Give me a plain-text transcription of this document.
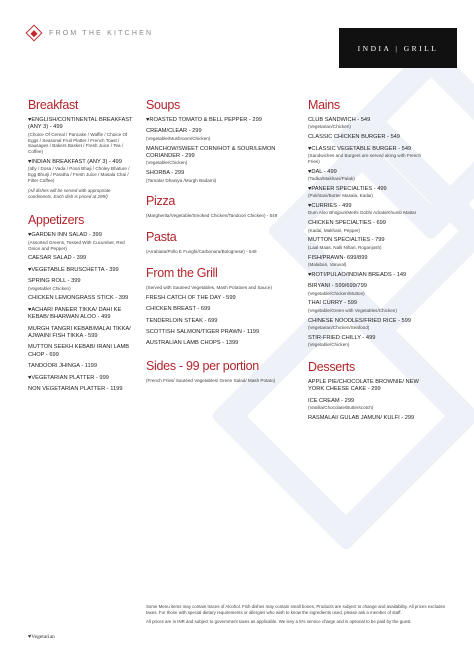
FROM THE KITCHEN
INDIA | GRILL
Breakfast
♥ENGLISH/CONTINENTAL BREAKFAST (ANY 3) - 499
(Choice Of Cereal / Pancake / Waffle / Choice Of Eggs / Seasonal Fruit Platter / French Toast / Sausages / Bakers Basket / Fresh Juice / Tea / Coffee)
♥INDIAN BREAKFAST (ANY 3) - 499
(Idly / Dosa / Vada / Poori Bhaji / Choley Bhature / Egg Bhurji / Paratha / Fresh Juice / Masala Chai / Filter Coffee)
(All dishes will be served with appropriate condiments, Each dish is priced at 299/)
Appetizers
♥GARDEN INN SALAD - 399
(Assorted Greens, Tossed With Cucumber, Red Onion and Pepper)
CAESAR SALAD - 399
♥VEGETABLE BRUSCHETTA - 399
SPRING ROLL - 399
(Vegetable/ Chicken)
CHICKEN LEMONGRASS STICK - 399
♥ACHARI PANEER TIKKA/ DAHI KE KEBAB/ BHARWAN ALOO - 499
MURGH TANGRI KEBAB/MALAI TIKKA/ AJWAINI FISH TIKKA - 599
MUTTON SEEKH KEBAB/ IRANI LAMB CHOP - 699
TANDOORI JHINGA - 1199
♥VEGETARIAN PLATTER - 999
NON VEGETARIAN PLATTER - 1199
Soups
♥ROASTED TOMATO & BELL PEPPER - 299
CREAM/CLEAR - 299
(Vegetable/Mushroom/Chicken)
MANCHOW/SWEET CORN/HOT & SOUR/LEMON CORIANDER - 299
(Vegetable/Chicken)
SHORBA - 299
(Tamatar Dhaniya /Murgh Badami)
Pizza
(Margherita/Vegetable/Smoked Chicken/Tandoori Chicken) - 549
Pasta
(Arrabiata/Pollo E Funghi/Carbonara/Bolognese) - 549
From the Grill
(Served with Sauteed Vegetables, Mash Potatoes and Sauce)
FRESH CATCH OF THE DAY - 599
CHICKEN BREAST - 699
TENDERLOIN STEAK - 699
SCOTTISH SALMON/TIGER PRAWN - 1199
AUSTRALIAN LAMB CHOPS - 1399
Sides - 99 per portion
(French Fries/ Sautéed Vegetables/ Green Salad/ Mash Potato)
Mains
CLUB SANDWICH - 549
(Vegetarian/Chicken)
CLASSIC CHICKEN BURGER - 549
♥CLASSIC VEGETABLE BURGER - 549
(Sandwiches and Burgers are served along with French Fries)
♥DAL - 499
(Tadka/Makhani/Palak)
♥PANEER SPECIALTIES - 499
(Pukhtani/Butter Masala, Kadai)
♥CURRIES - 499
Dum Aloo Bhojpuri/Methi Gobhi Adraki/Khumb Mattar
CHICKEN SPECIALTIES - 699
(Kadai, Makhani, Pepper)
MUTTON SPECIALTIES - 799
(Laal Maas, Nalli Nihari, Roganjosh)
FISH/PRAWN- 699/899
(Malabari, Varuval)
♥ROTI/PULAO/INDIAN BREADS - 149
BIRYANI - 599/699/799
(Vegetable/Chicken/Mutton)
THAI CURRY - 599
(Vegetable/Green with Vegetables/Chicken)
CHINESE NOODLES/FRIED RICE - 599
(Vegetarian/Chicken/Seafood)
STIR-FRIED CHILLY - 499
(Vegetable/Chicken)
Desserts
APPLE PIE/CHOCOLATE BROWNIE/ NEW YORK CHEESE CAKE - 299
ICE CREAM - 299
(Vanilla/Chocolate/Butterscotch)
RASMALAI/ GULAB JAMUN/ KULFI - 299

Some Menu items may contain traces of Alcohol. Fish dishes may contain small bones. Products are subject to change and availability. All prices excludes taxes. For those with special dietary requirements or allergies who wish to know the ingredients used, please ask a member of staff.

All prices are in INR and subject to government taxes as applicable. We levy a 5% service charge and is optional to be paid by the guest.

♥Vegetarian
